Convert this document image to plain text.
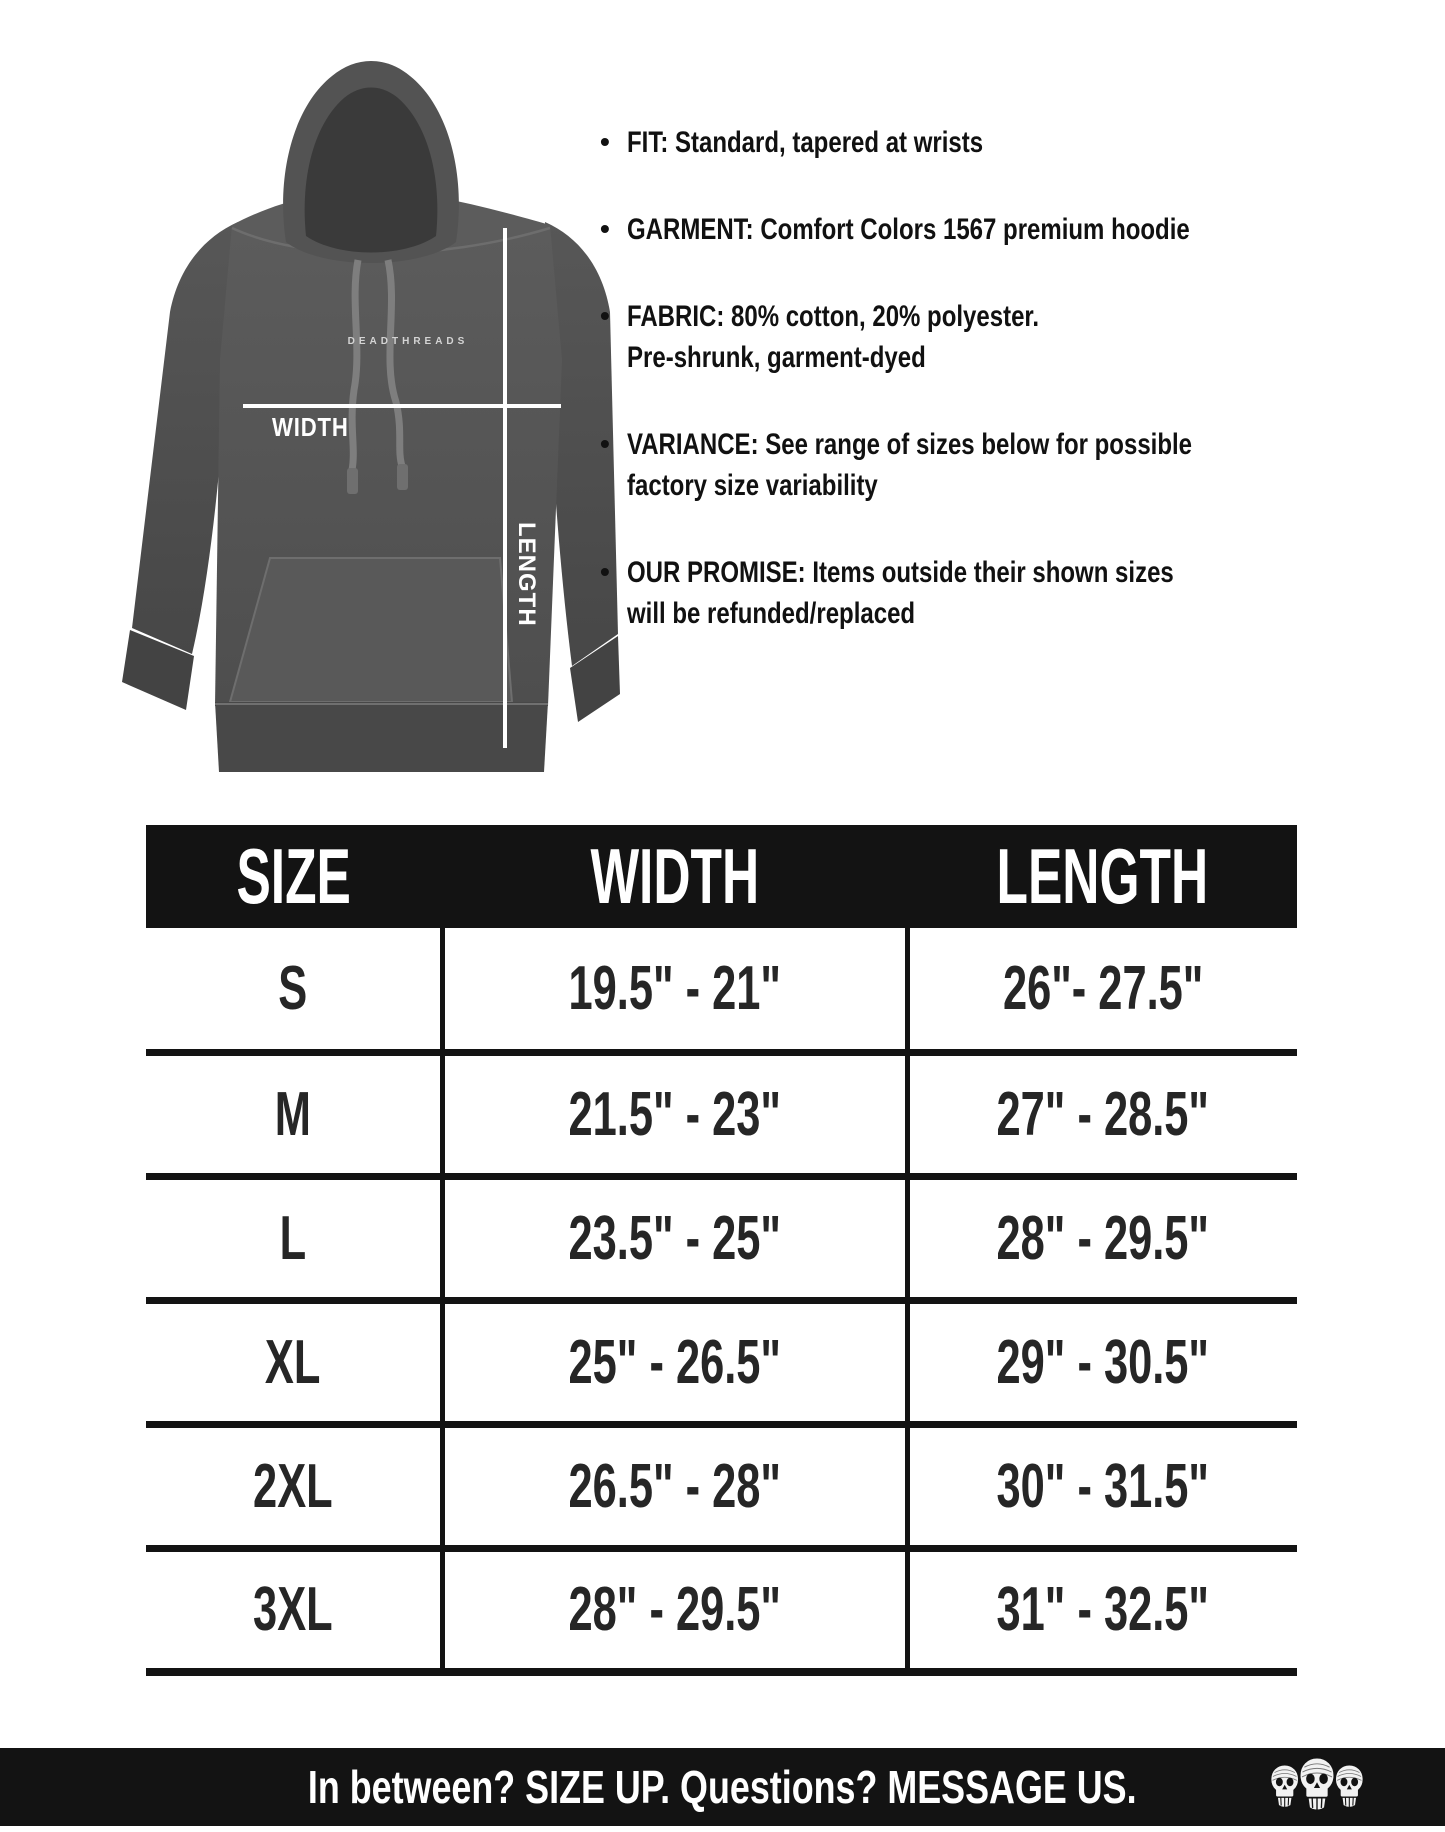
WIDTH
LENGTH
DEADTHREADS
• FIT: Standard, tapered at wrists
• GARMENT: Comfort Colors 1567 premium hoodie
• FABRIC: 80% cotton, 20% polyester.
Pre-shrunk, garment-dyed
• VARIANCE: See range of sizes below for possible
factory size variability
• OUR PROMISE: Items outside their shown sizes
will be refunded/replaced
SIZE	WIDTH	LENGTH
S	19.5" - 21"	26"- 27.5"
M	21.5" - 23"	27" - 28.5"
L	23.5" - 25"	28" - 29.5"
XL	25" - 26.5"	29" - 30.5"
2XL	26.5" - 28"	30" - 31.5"
3XL	28" - 29.5"	31" - 32.5"
In between? SIZE UP. Questions? MESSAGE US.
